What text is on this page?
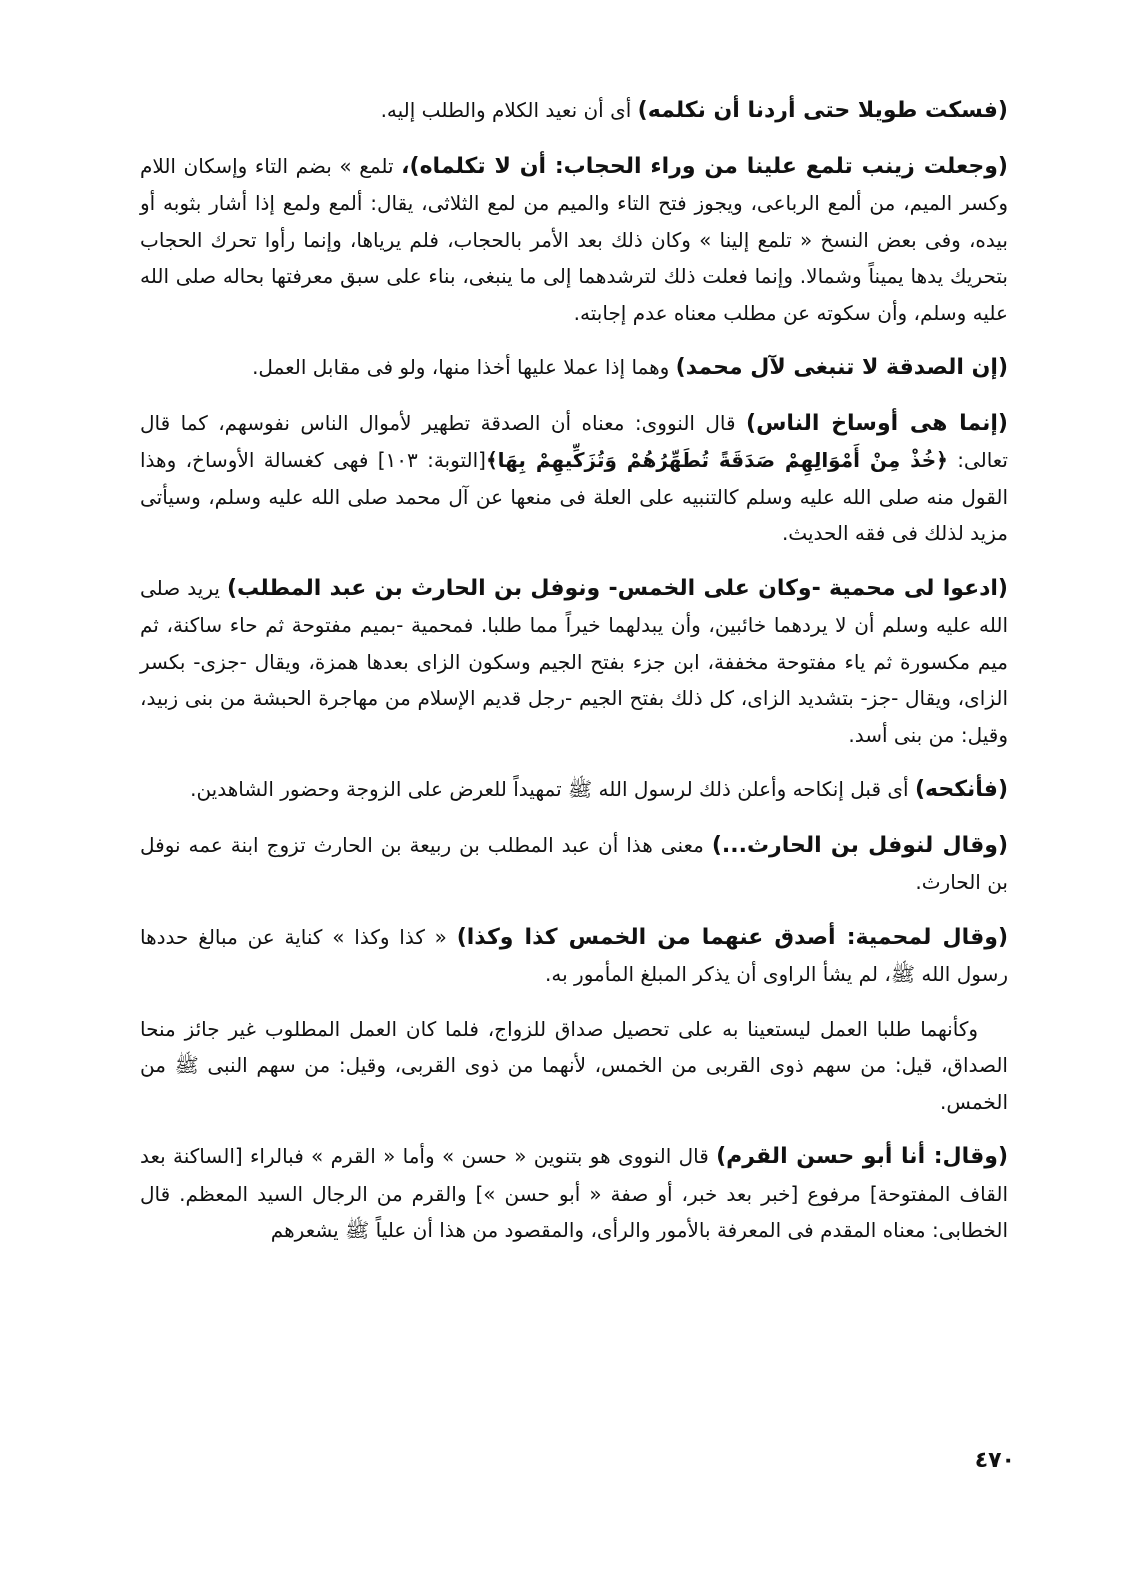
(فسكت طويلا حتى أردنا أن نكلمه) أى أن نعيد الكلام والطلب إليه.

(وجعلت زينب تلمع علينا من وراء الحجاب: أن لا تكلماه)، تلمع » بضم التاء وإسكان اللام وكسر الميم، من ألمع الرباعى، ويجوز فتح التاء والميم من لمع الثلاثى، يقال: ألمع ولمع إذا أشار بثوبه أو بيده، وفى بعض النسخ « تلمع إلينا » وكان ذلك بعد الأمر بالحجاب، فلم يرياها، وإنما رأوا تحرك الحجاب بتحريك يدها يميناً وشمالا. وإنما فعلت ذلك لترشدهما إلى ما ينبغى، بناء على سبق معرفتها بحاله صلى الله عليه وسلم، وأن سكوته عن مطلب معناه عدم إجابته.

(إن الصدقة لا تنبغى لآل محمد) وهما إذا عملا عليها أخذا منها، ولو فى مقابل العمل.

(إنما هى أوساخ الناس) قال النووى: معناه أن الصدقة تطهير لأموال الناس نفوسهم، كما قال تعالى: ﴿خُذْ مِنْ أَمْوَالِهِمْ صَدَقَةً تُطَهِّرُهُمْ وَتُزَكِّيهِمْ بِهَا﴾[التوبة: ١٠٣] فهى كغسالة الأوساخ، وهذا القول منه صلى الله عليه وسلم كالتنبيه على العلة فى منعها عن آل محمد صلى الله عليه وسلم، وسيأتى مزيد لذلك فى فقه الحديث.

(ادعوا لى محمية -وكان على الخمس- ونوفل بن الحارث بن عبد المطلب) يريد صلى الله عليه وسلم أن لا يردهما خائبين، وأن يبدلهما خيراً مما طلبا. فمحمية -بميم مفتوحة ثم حاء ساكنة، ثم ميم مكسورة ثم ياء مفتوحة مخففة، ابن جزء بفتح الجيم وسكون الزاى بعدها همزة، ويقال -جزى- بكسر الزاى، ويقال -جز- بتشديد الزاى، كل ذلك بفتح الجيم -رجل قديم الإسلام من مهاجرة الحبشة من بنى زبيد، وقيل: من بنى أسد.

(فأنكحه) أى قبل إنكاحه وأعلن ذلك لرسول الله ﷺ تمهيداً للعرض على الزوجة وحضور الشاهدين.

(وقال لنوفل بن الحارث...) معنى هذا أن عبد المطلب بن ربيعة بن الحارث تزوج ابنة عمه نوفل بن الحارث.

(وقال لمحمية: أصدق عنهما من الخمس كذا وكذا) « كذا وكذا » كناية عن مبالغ حددها رسول الله ﷺ، لم يشأ الراوى أن يذكر المبلغ المأمور به.

وكأنهما طلبا العمل ليستعينا به على تحصيل صداق للزواج، فلما كان العمل المطلوب غير جائز منحا الصداق، قيل: من سهم ذوى القربى من الخمس، لأنهما من ذوى القربى، وقيل: من سهم النبى ﷺ من الخمس.

(وقال: أنا أبو حسن القرم) قال النووى هو بتنوين « حسن » وأما « القرم » فبالراء [الساكنة بعد القاف المفتوحة] مرفوع [خبر بعد خبر، أو صفة « أبو حسن »] والقرم من الرجال السيد المعظم. قال الخطابى: معناه المقدم فى المعرفة بالأمور والرأى، والمقصود من هذا أن علياً ﷺ يشعرهم

٤٧٠
